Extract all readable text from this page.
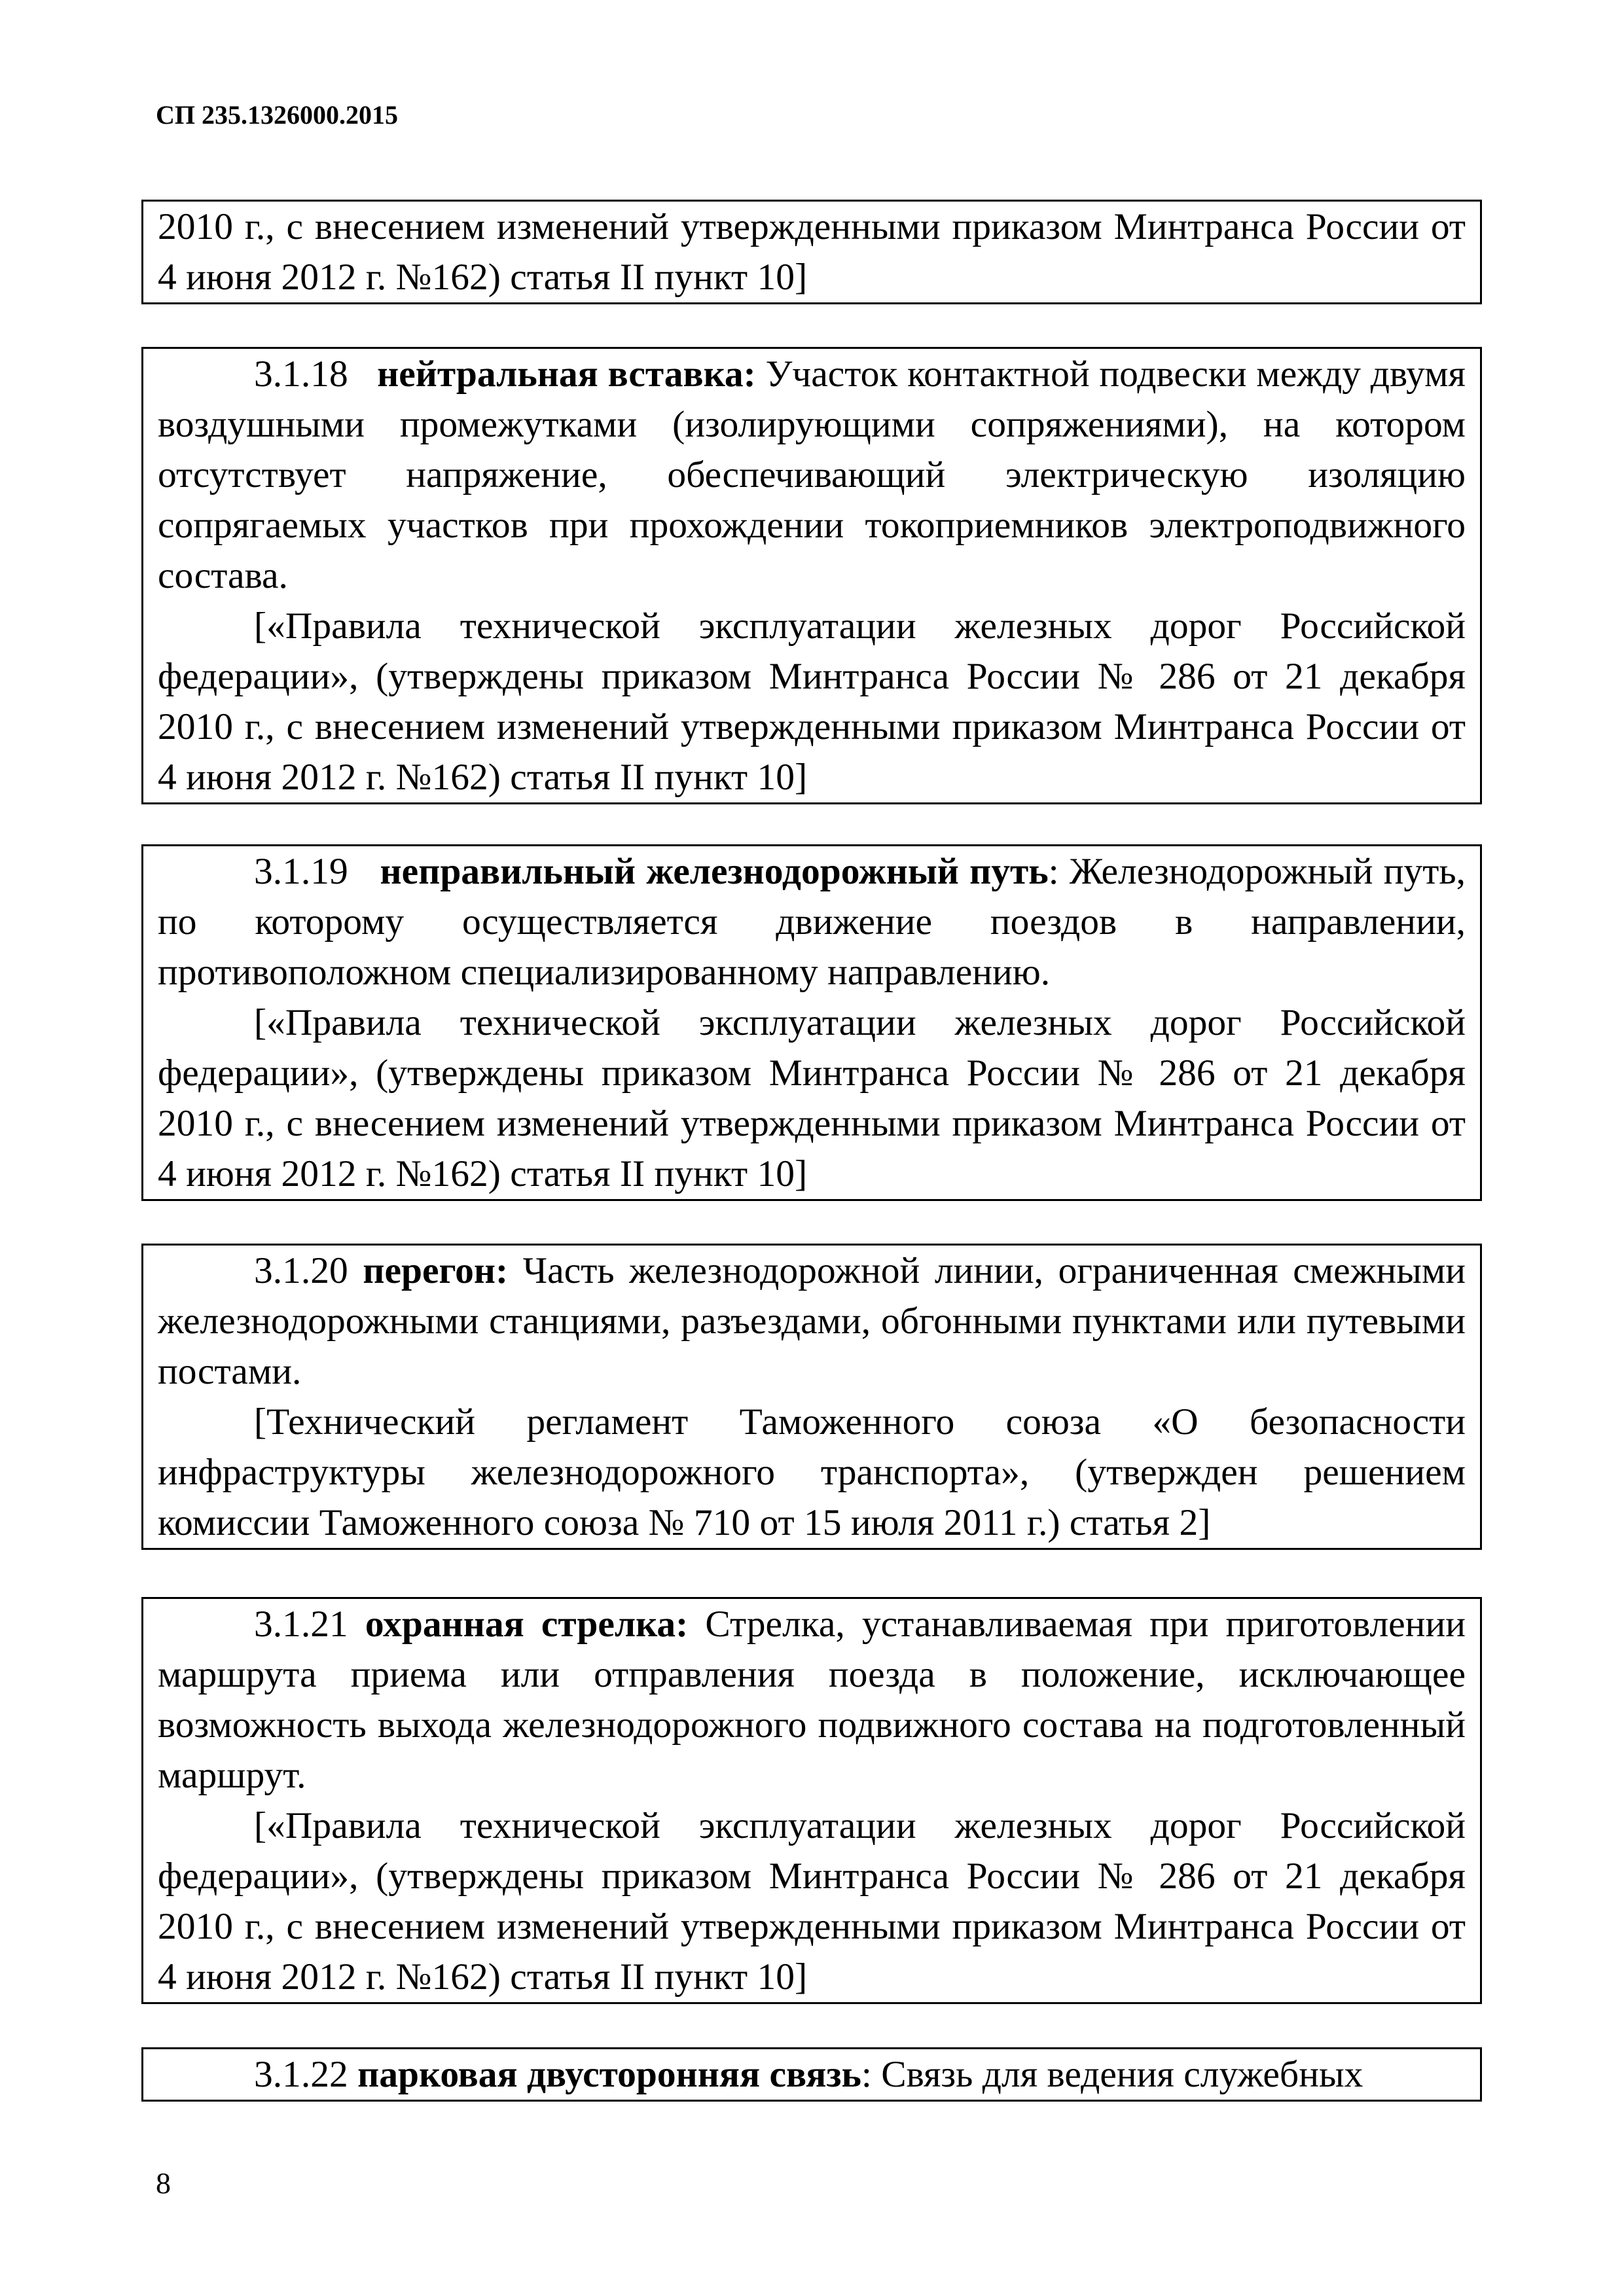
СП 235.1326000.2015

2010 г., с внесением изменений утвержденными приказом Минтранса России от 4 июня 2012 г. №162) статья II пункт 10]

3.1.18 нейтральная вставка: Участок контактной подвески между двумя воздушными промежутками (изолирующими сопряжениями), на котором отсутствует напряжение, обеспечивающий электрическую изоляцию сопрягаемых участков при прохождении токоприемников электроподвижного состава.

[«Правила технической эксплуатации железных дорог Российской федерации», (утверждены приказом Минтранса России № 286 от 21 декабря 2010 г., с внесением изменений утвержденными приказом Минтранса России от 4 июня 2012 г. №162) статья II пункт 10]

3.1.19 неправильный железнодорожный путь: Железнодорожный путь, по которому осуществляется движение поездов в направлении, противоположном специализированному направлению.

[«Правила технической эксплуатации железных дорог Российской федерации», (утверждены приказом Минтранса России № 286 от 21 декабря 2010 г., с внесением изменений утвержденными приказом Минтранса России от 4 июня 2012 г. №162) статья II пункт 10]

3.1.20 перегон: Часть железнодорожной линии, ограниченная смежными железнодорожными станциями, разъездами, обгонными пунктами или путевыми постами.

[Технический регламент Таможенного союза «О безопасности инфраструктуры железнодорожного транспорта», (утвержден решением комиссии Таможенного союза № 710 от 15 июля 2011 г.) статья 2]

3.1.21 охранная стрелка: Стрелка, устанавливаемая при приготовлении маршрута приема или отправления поезда в положение, исключающее возможность выхода железнодорожного подвижного состава на подготовленный маршрут.

[«Правила технической эксплуатации железных дорог Российской федерации», (утверждены приказом Минтранса России № 286 от 21 декабря 2010 г., с внесением изменений утвержденными приказом Минтранса России от 4 июня 2012 г. №162) статья II пункт 10]

3.1.22 парковая двусторонняя связь: Связь для ведения служебных

8
